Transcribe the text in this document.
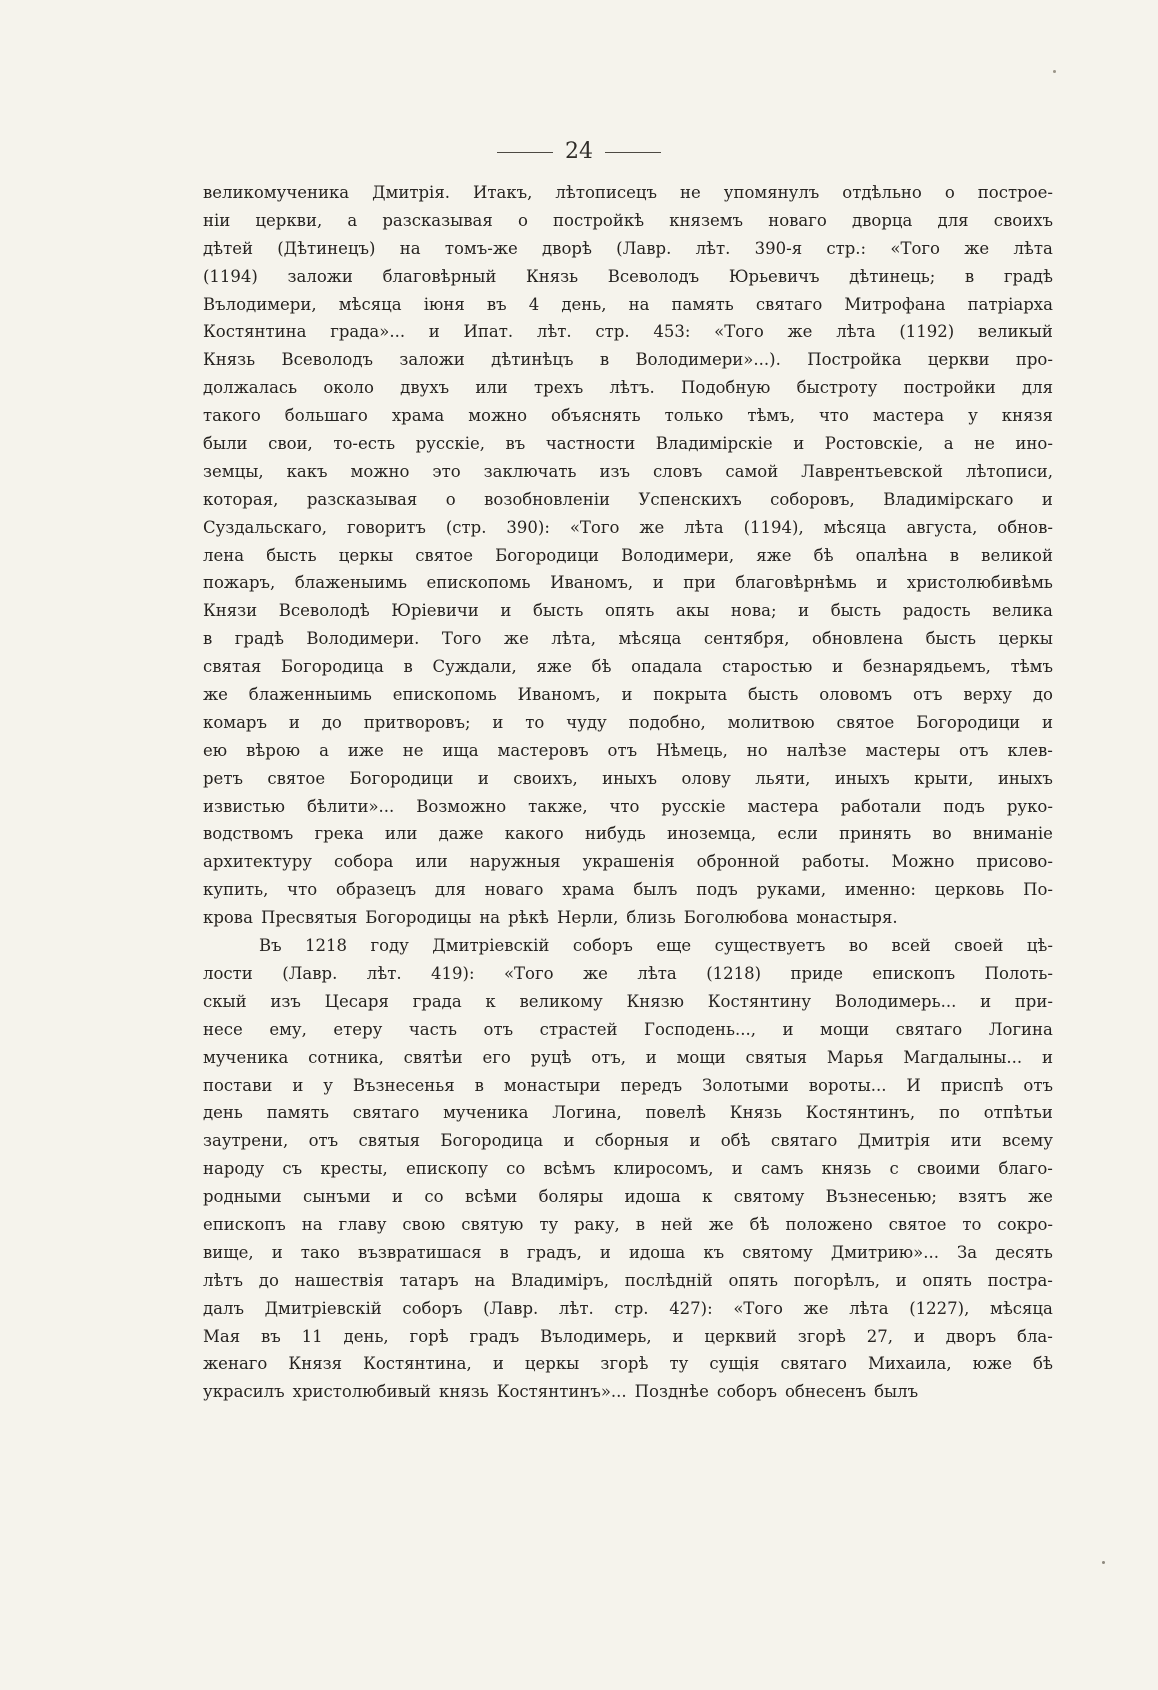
24
великомученика Дмитрія. Итакъ, лѣтописецъ не упомянулъ отдѣльно о построе-
ніи церкви, а разсказывая о постройкѣ княземъ новаго дворца для своихъ
дѣтей (Дѣтинецъ) на томъ-же дворѣ (Лавр. лѣт. 390-я стр.: «Того же лѣта
(1194) заложи благовѣрный Князь Всеволодъ Юрьевичъ дѣтинець; в градѣ
Вълодимери, мѣсяца іюня въ 4 день, на память святаго Митрофана патріарха
Костянтина града»... и Ипат. лѣт. стр. 453: «Того же лѣта (1192) великый
Князь Всеволодъ заложи дѣтинѣцъ в Володимери»...). Постройка церкви про-
должалась около двухъ или трехъ лѣтъ. Подобную быстроту постройки для
такого большаго храма можно объяснять только тѣмъ, что мастера у князя
были свои, то-есть русскіе, въ частности Владимірскіе и Ростовскіе, а не ино-
земцы, какъ можно это заключать изъ словъ самой Лаврентьевской лѣтописи,
которая, разсказывая о возобновленіи Успенскихъ соборовъ, Владимірскаго и
Суздальскаго, говоритъ (стр. 390): «Того же лѣта (1194), мѣсяца августа, обнов-
лена бысть церкы святое Богородици Володимери, яже бѣ опалѣна в великой
пожаръ, блаженыимь епископомь Иваномъ, и при благовѣрнѣмь и христолюбивѣмь
Князи Всеволодѣ Юріевичи и бысть опять акы нова; и бысть радость велика
в градѣ Володимери. Того же лѣта, мѣсяца сентября, обновлена бысть церкы
святая Богородица в Суждали, яже бѣ опадала старостью и безнарядьемъ, тѣмъ
же блаженныимь епископомь Иваномъ, и покрыта бысть оловомъ отъ верху до
комаръ и до притворовъ; и то чуду подобно, молитвою святое Богородици и
ею вѣрою а иже не ища мастеровъ отъ Нѣмець, но налѣзе мастеры отъ клев-
ретъ святое Богородици и своихъ, иныхъ олову льяти, иныхъ крыти, иныхъ
извистью бѣлити»... Возможно также, что русскіе мастера работали подъ руко-
водствомъ грека или даже какого нибудь иноземца, если принять во вниманіе
архитектуру собора или наружныя украшенія обронной работы. Можно присово-
купить, что образецъ для новаго храма былъ подъ руками, именно: церковь По-
крова Пресвятыя Богородицы на рѣкѣ Нерли, близь Боголюбова монастыря.
Въ 1218 году Дмитріевскій соборъ еще существуетъ во всей своей цѣ-
лости (Лавр. лѣт. 419): «Того же лѣта (1218) приде епископъ Полоть-
скый изъ Цесаря града к великому Князю Костянтину Володимерь... и при-
несе ему, етеру часть отъ страстей Господень..., и мощи святаго Логина
мученика сотника, святѣи его руцѣ отъ, и мощи святыя Марья Магдалыны... и
постави и у Възнесенья в монастыри передъ Золотыми вороты... И приспѣ отъ
день память святаго мученика Логина, повелѣ Князь Костянтинъ, по отпѣтьи
заутрени, отъ святыя Богородица и сборныя и обѣ святаго Дмитрія ити всему
народу съ кресты, епископу со всѣмъ клиросомъ, и самъ князь с своими благо-
родными сынъми и со всѣми боляры идоша к святому Възнесенью; взятъ же
епископъ на главу свою святую ту раку, в ней же бѣ положено святое то сокро-
вище, и тако възвратишася в градъ, и идоша къ святому Дмитрию»... За десять
лѣтъ до нашествія татаръ на Владиміръ, послѣдній опять погорѣлъ, и опять постра-
далъ Дмитріевскій соборъ (Лавр. лѣт. стр. 427): «Того же лѣта (1227), мѣсяца
Мая въ 11 день, горѣ градъ Вълодимерь, и церквий згорѣ 27, и дворъ бла-
женаго Князя Костянтина, и церкы згорѣ ту сущія святаго Михаила, юже бѣ
украсилъ христолюбивый князь Костянтинъ»... Позднѣе соборъ обнесенъ былъ
